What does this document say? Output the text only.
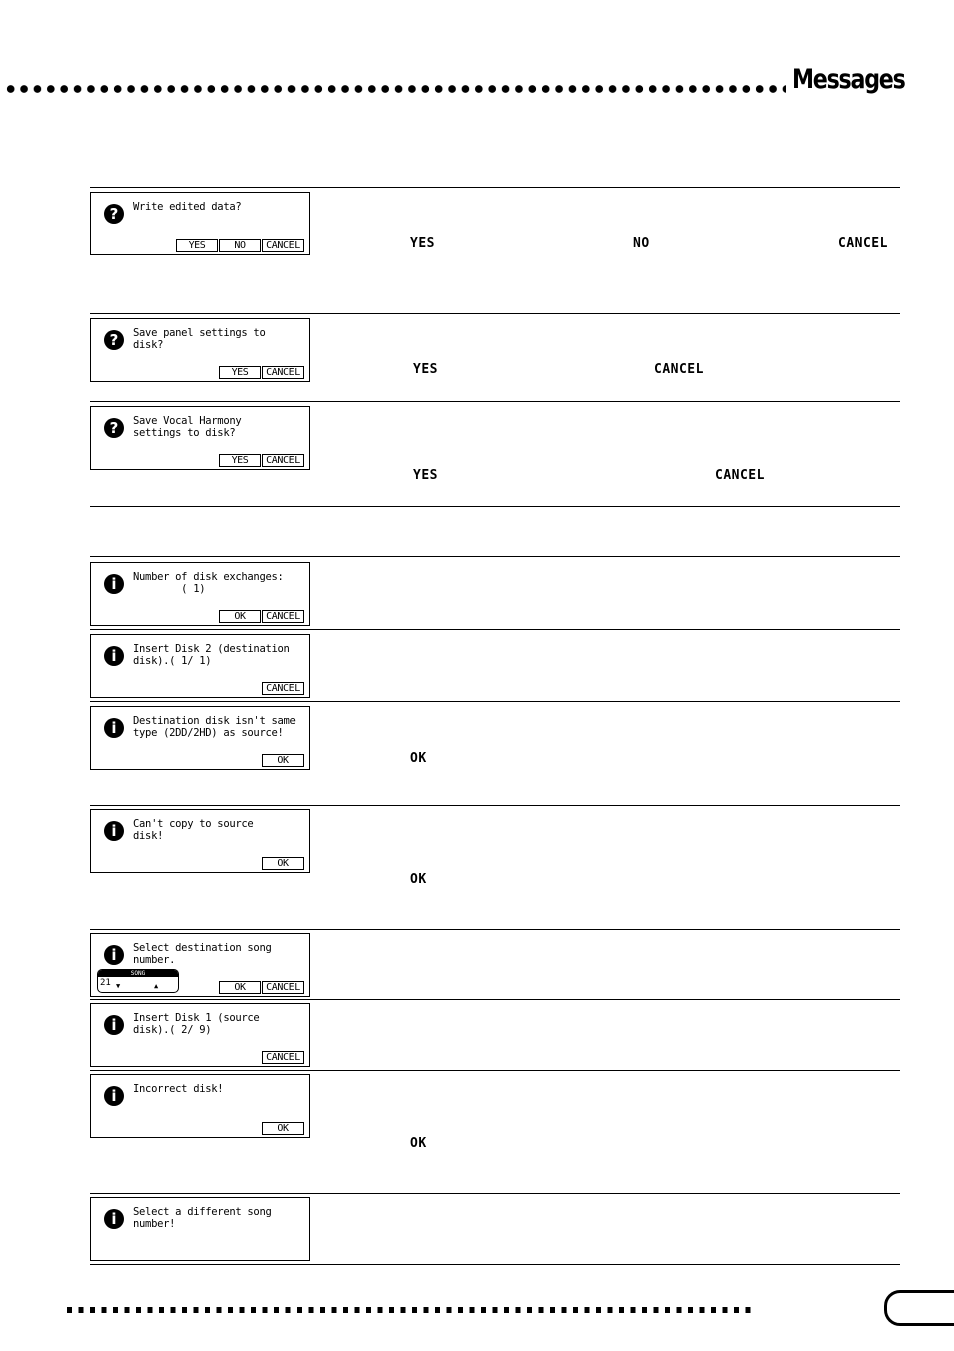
Messages
?	Write edited data?
YES	NO	CANCEL	YES	NO	CANCEL
?	Save panel settings to
disk?
YES	CANCEL	YES	CANCEL
?	Save Vocal Harmony
settings to disk?
YES	CANCEL
YES	CANCEL
i	Number of disk exchanges:
( 1)
OK	CANCEL
i	Insert Disk 2 (destination
disk).( 1/ 1)
CANCEL
i	Destination disk isn't same
type (2DD/2HD) as source!
OK	OK
i	Can't copy to source
disk!
OK
OK
i	Select destination song
number.
SONG
21 ▼	▲	OK	CANCEL
i	Insert Disk 1 (source
disk).( 2/ 9)
CANCEL
i	Incorrect disk!
OK
OK
i	Select a different song
number!
